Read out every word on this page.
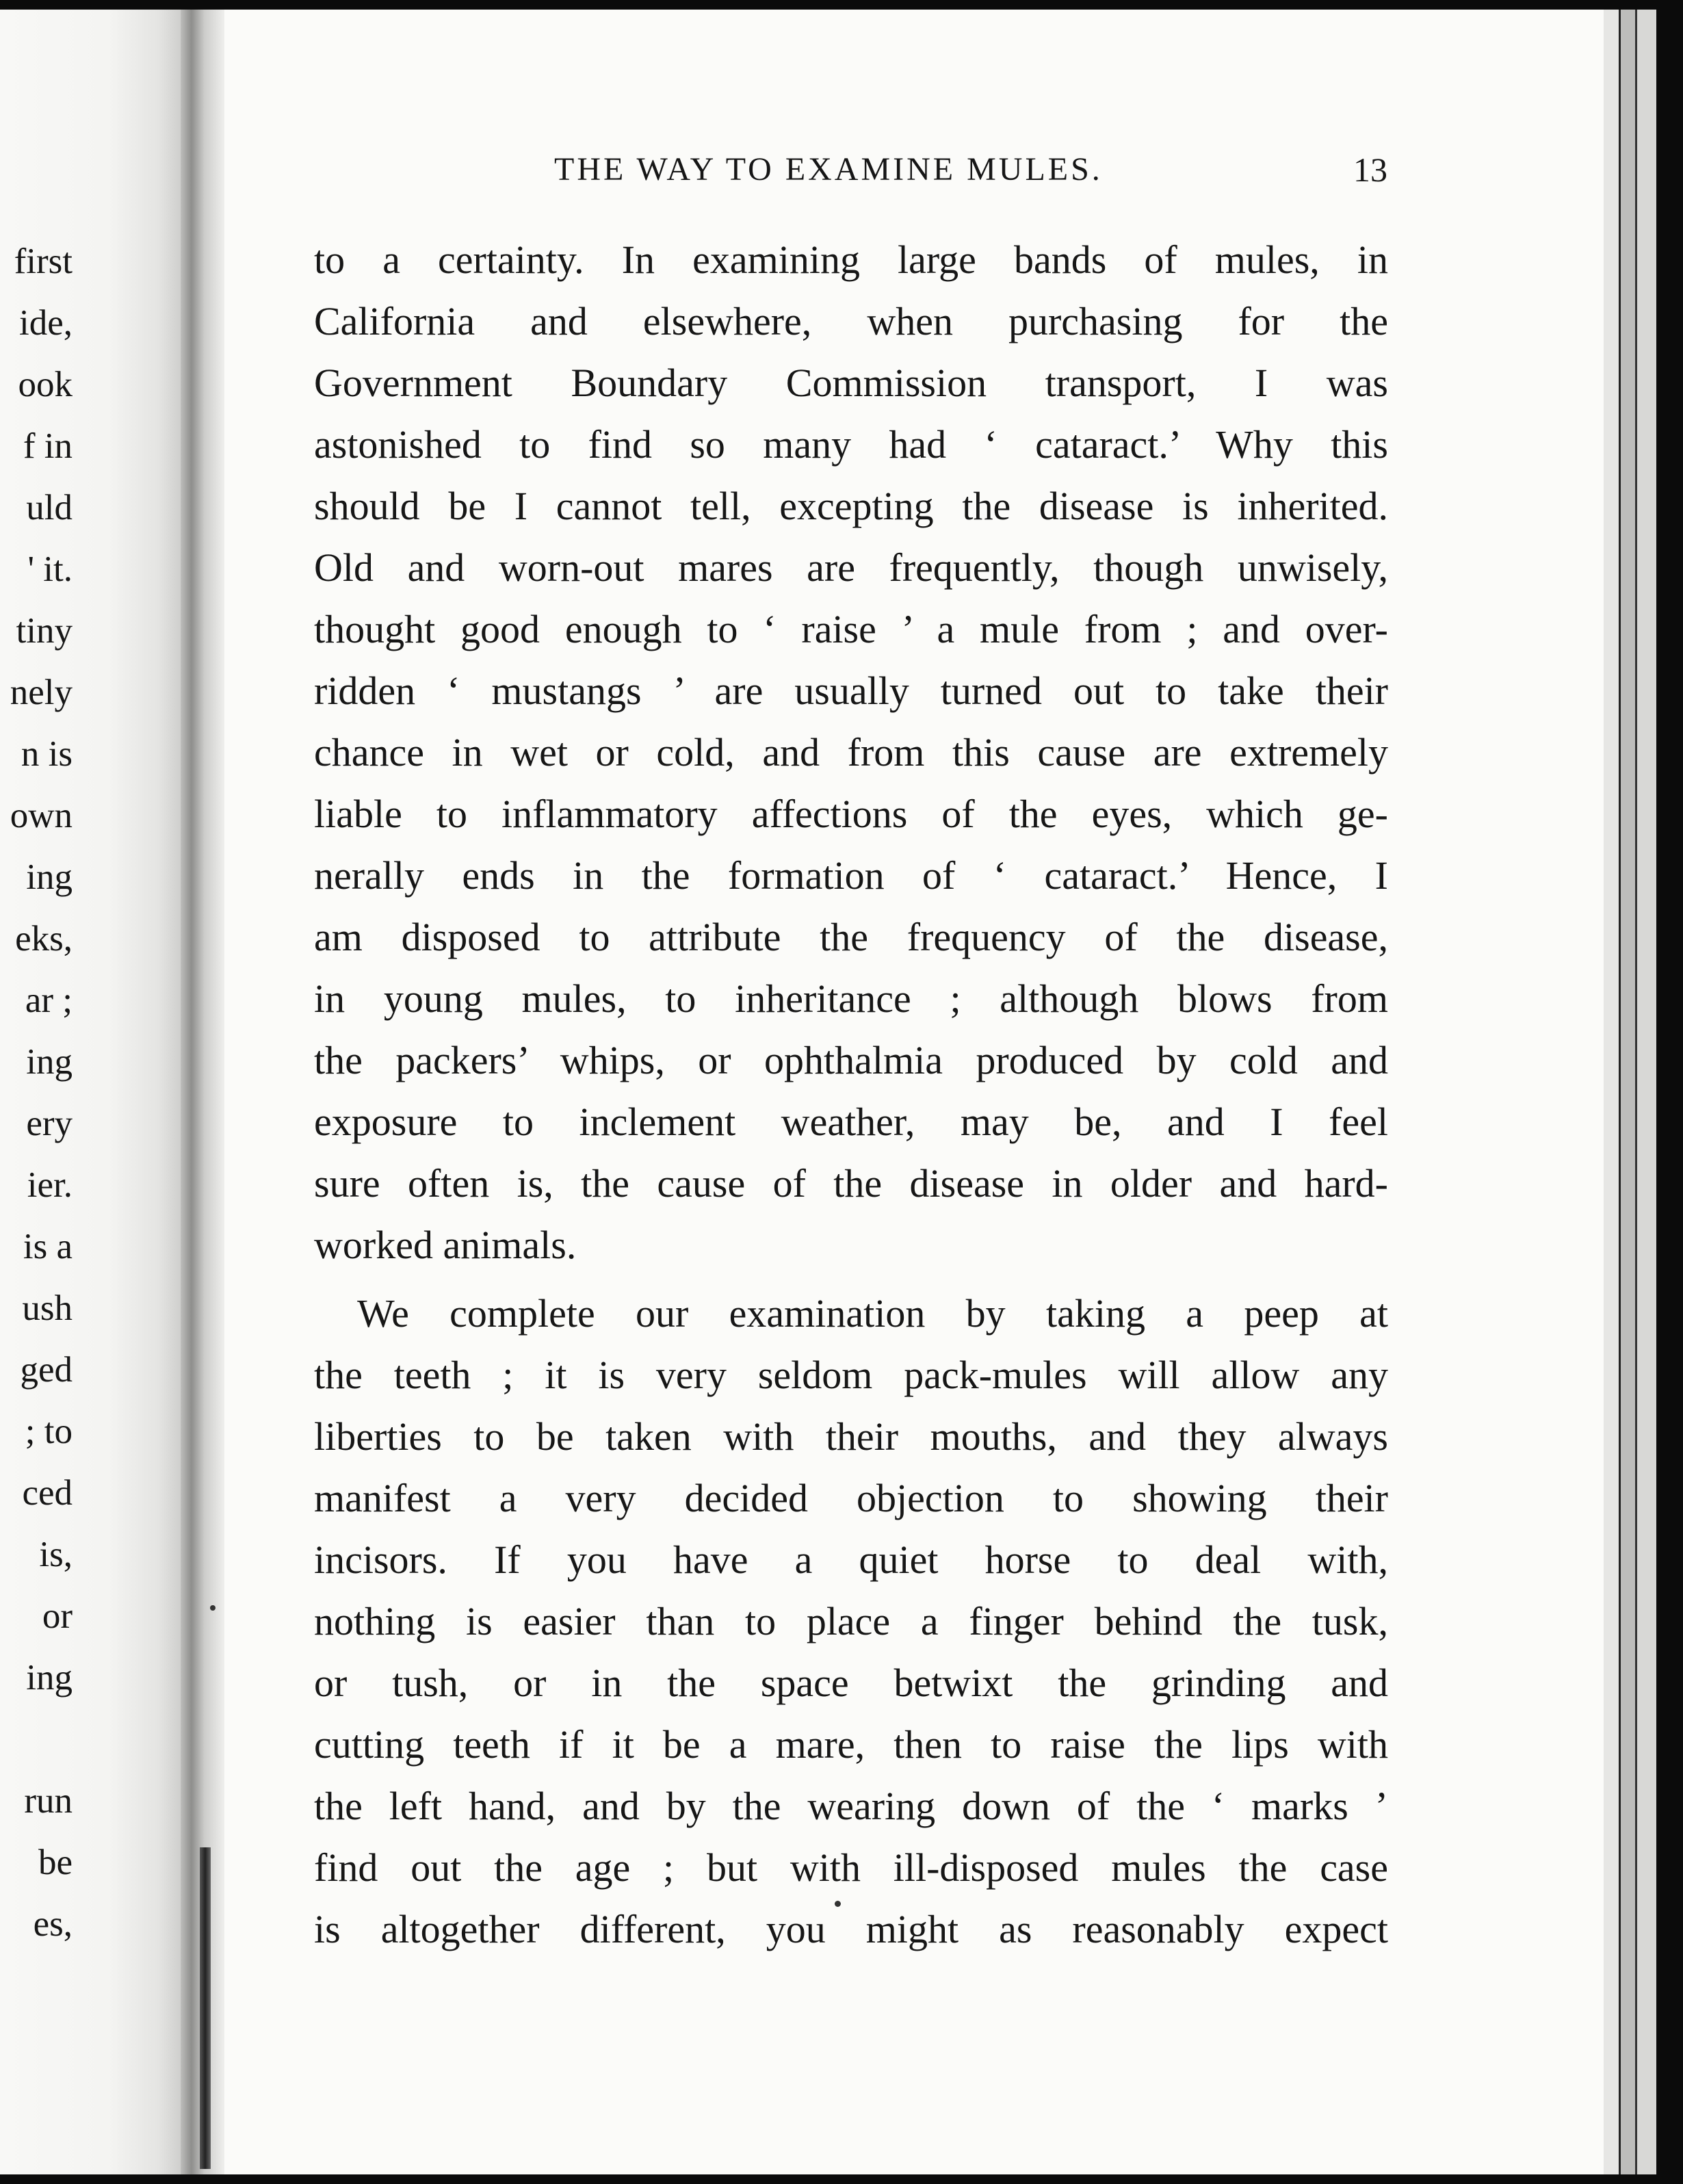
first
ide,
ook
f in
uld
' it.
tiny
nely
n is
own
ing
eks,
ar ;
ing
ery
ier.
is a
ush
ged
; to
ced
is,
or
ing
run
be
es,
THE WAY TO EXAMINE MULES.	13
to a certainty. In examining large bands of mules, in
California and elsewhere, when purchasing for the
Government Boundary Commission transport, I was
astonished to find so many had ‘ cataract.’ Why this
should be I cannot tell, excepting the disease is inherited.
Old and worn-out mares are frequently, though unwisely,
thought good enough to ‘ raise ’ a mule from ; and over-
ridden ‘ mustangs ’ are usually turned out to take their
chance in wet or cold, and from this cause are extremely
liable to inflammatory affections of the eyes, which ge-
nerally ends in the formation of ‘ cataract.’ Hence, I
am disposed to attribute the frequency of the disease,
in young mules, to inheritance ; although blows from
the packers’ whips, or ophthalmia produced by cold and
exposure to inclement weather, may be, and I feel
sure often is, the cause of the disease in older and hard-
worked animals.
We complete our examination by taking a peep at
the teeth ; it is very seldom pack-mules will allow any
liberties to be taken with their mouths, and they always
manifest a very decided objection to showing their
incisors. If you have a quiet horse to deal with,
nothing is easier than to place a finger behind the tusk,
or tush, or in the space betwixt the grinding and
cutting teeth if it be a mare, then to raise the lips with
the left hand, and by the wearing down of the ‘ marks ’
find out the age ; but with ill-disposed mules the case
is altogether different, you might as reasonably expect
